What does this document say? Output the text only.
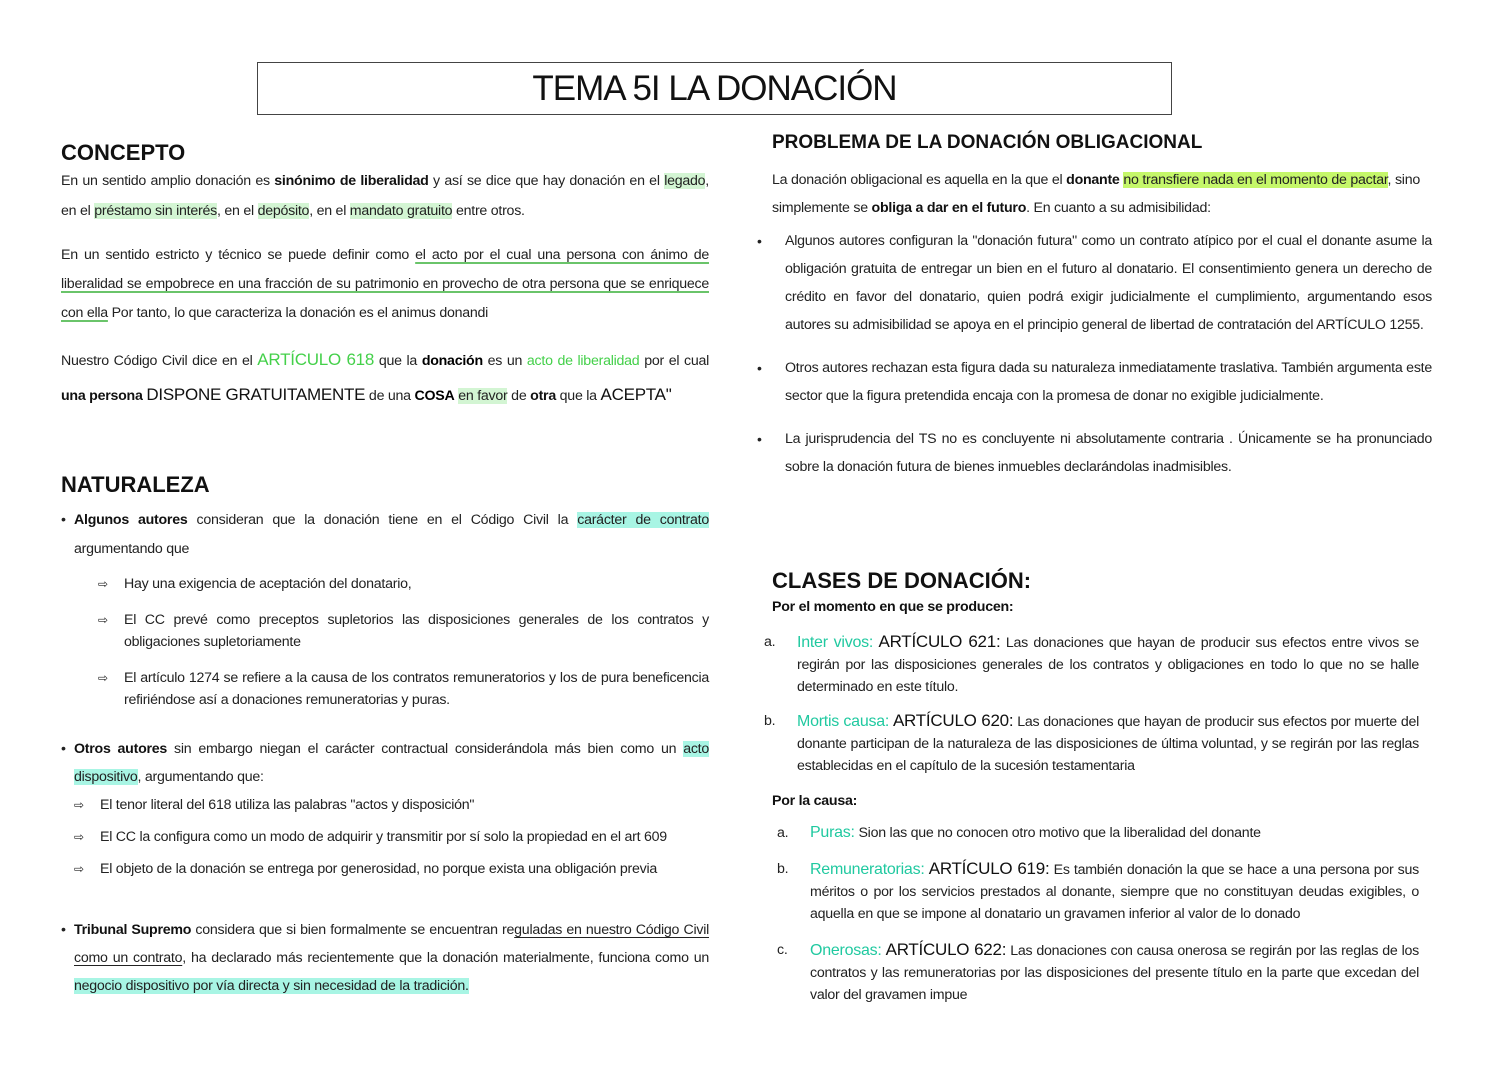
TEMA 5I LA DONACIÓN
CONCEPTO
En un sentido amplio donación es sinónimo de liberalidad y así se dice que hay donación en el legado, en el préstamo sin interés, en el depósito, en el mandato gratuito entre otros.
En un sentido estricto y técnico se puede definir como el acto por el cual una persona con ánimo de liberalidad se empobrece en una fracción de su patrimonio en provecho de otra persona que se enriquece con ella Por tanto, lo que caracteriza la donación es el animus donandi
Nuestro Código Civil dice en el ARTÍCULO 618 que la donación es un acto de liberalidad por el cual una persona DISPONE GRATUITAMENTE de una COSA en favor de otra que la ACEPTA"
NATURALEZA
• Algunos autores consideran que la donación tiene en el Código Civil la carácter de contrato argumentando que
⇨	Hay una exigencia de aceptación del donatario,
⇨	El CC prevé como preceptos supletorios las disposiciones generales de los contratos y obligaciones supletoriamente
⇨	El artículo 1274 se refiere a la causa de los contratos remuneratorios y los de pura beneficencia refiriéndose así a donaciones remuneratorias y puras.
• Otros autores sin embargo niegan el carácter contractual considerándola más bien como un acto dispositivo, argumentando que:
⇨	El tenor literal del 618 utiliza las palabras "actos y disposición"
⇨	El CC la configura como un modo de adquirir y transmitir por sí solo la propiedad en el art 609
⇨	El objeto de la donación se entrega por generosidad, no porque exista una obligación previa
• Tribunal Supremo considera que si bien formalmente se encuentran reguladas en nuestro Código Civil como un contrato, ha declarado más recientemente que la donación materialmente, funciona como un negocio dispositivo por vía directa y sin necesidad de la tradición.
PROBLEMA DE LA DONACIÓN OBLIGACIONAL
La donación obligacional es aquella en la que el donante no transfiere nada en el momento de pactar, sino simplemente se obliga a dar en el futuro. En cuanto a su admisibilidad:
•	Algunos autores configuran la "donación futura" como un contrato atípico por el cual el donante asume la obligación gratuita de entregar un bien en el futuro al donatario. El consentimiento genera un derecho de crédito en favor del donatario, quien podrá exigir judicialmente el cumplimiento, argumentando esos autores su admisibilidad se apoya en el principio general de libertad de contratación del ARTÍCULO 1255.
•	Otros autores rechazan esta figura dada su naturaleza inmediatamente traslativa. También argumenta este sector que la figura pretendida encaja con la promesa de donar no exigible judicialmente.
•	La jurisprudencia del TS no es concluyente ni absolutamente contraria . Únicamente se ha pronunciado sobre la donación futura de bienes inmuebles declarándolas inadmisibles.
CLASES DE DONACIÓN:
Por el momento en que se producen:
a.	Inter vivos: ARTÍCULO 621: Las donaciones que hayan de producir sus efectos entre vivos se regirán por las disposiciones generales de los contratos y obligaciones en todo lo que no se halle determinado en este título.
b.	Mortis causa: ARTÍCULO 620: Las donaciones que hayan de producir sus efectos por muerte del donante participan de la naturaleza de las disposiciones de última voluntad, y se regirán por las reglas establecidas en el capítulo de la sucesión testamentaria
Por la causa:
a.	Puras: Sion las que no conocen otro motivo que la liberalidad del donante
b.	Remuneratorias: ARTÍCULO 619: Es también donación la que se hace a una persona por sus méritos o por los servicios prestados al donante, siempre que no constituyan deudas exigibles, o aquella en que se impone al donatario un gravamen inferior al valor de lo donado
c.	Onerosas: ARTÍCULO 622: Las donaciones con causa onerosa se regirán por las reglas de los contratos y las remuneratorias por las disposiciones del presente título en la parte que excedan del valor del gravamen impue
